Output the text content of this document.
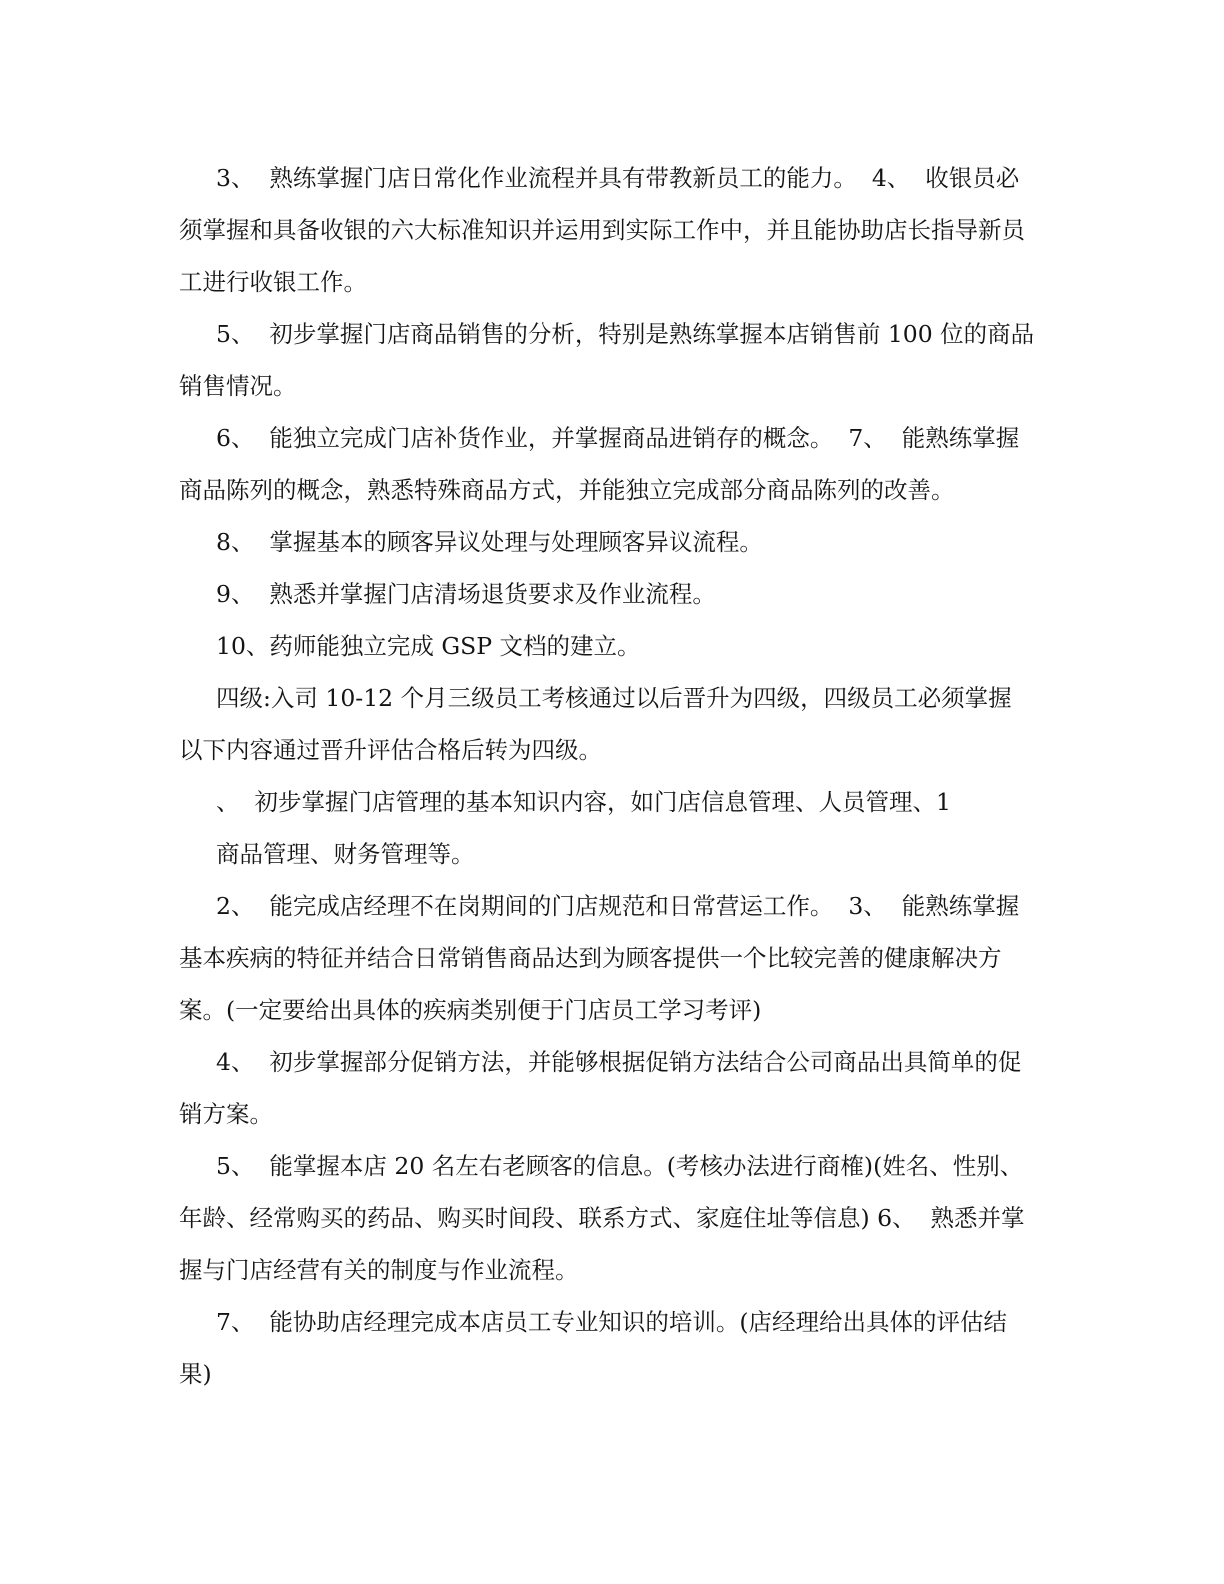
3、  熟练掌握门店日常化作业流程并具有带教新员工的能力。  4、  收银员必
须掌握和具备收银的六大标准知识并运用到实际工作中，并且能协助店长指导新员
工进行收银工作。
5、  初步掌握门店商品销售的分析，特别是熟练掌握本店销售前 100 位的商品
销售情况。
6、  能独立完成门店补货作业，并掌握商品进销存的概念。  7、  能熟练掌握
商品陈列的概念，熟悉特殊商品方式，并能独立完成部分商品陈列的改善。
8、  掌握基本的顾客异议处理与处理顾客异议流程。
9、  熟悉并掌握门店清场退货要求及作业流程。
10、药师能独立完成 GSP 文档的建立。
四级:入司 10-12 个月三级员工考核通过以后晋升为四级，四级员工必须掌握
以下内容通过晋升评估合格后转为四级。
、  初步掌握门店管理的基本知识内容，如门店信息管理、人员管理、1
商品管理、财务管理等。
2、  能完成店经理不在岗期间的门店规范和日常营运工作。  3、  能熟练掌握
基本疾病的特征并结合日常销售商品达到为顾客提供一个比较完善的健康解决方
案。(一定要给出具体的疾病类别便于门店员工学习考评)
4、  初步掌握部分促销方法，并能够根据促销方法结合公司商品出具简单的促
销方案。
5、  能掌握本店 20 名左右老顾客的信息。(考核办法进行商榷)(姓名、性别、
年龄、经常购买的药品、购买时间段、联系方式、家庭住址等信息) 6、  熟悉并掌
握与门店经营有关的制度与作业流程。
7、  能协助店经理完成本店员工专业知识的培训。(店经理给出具体的评估结
果)
